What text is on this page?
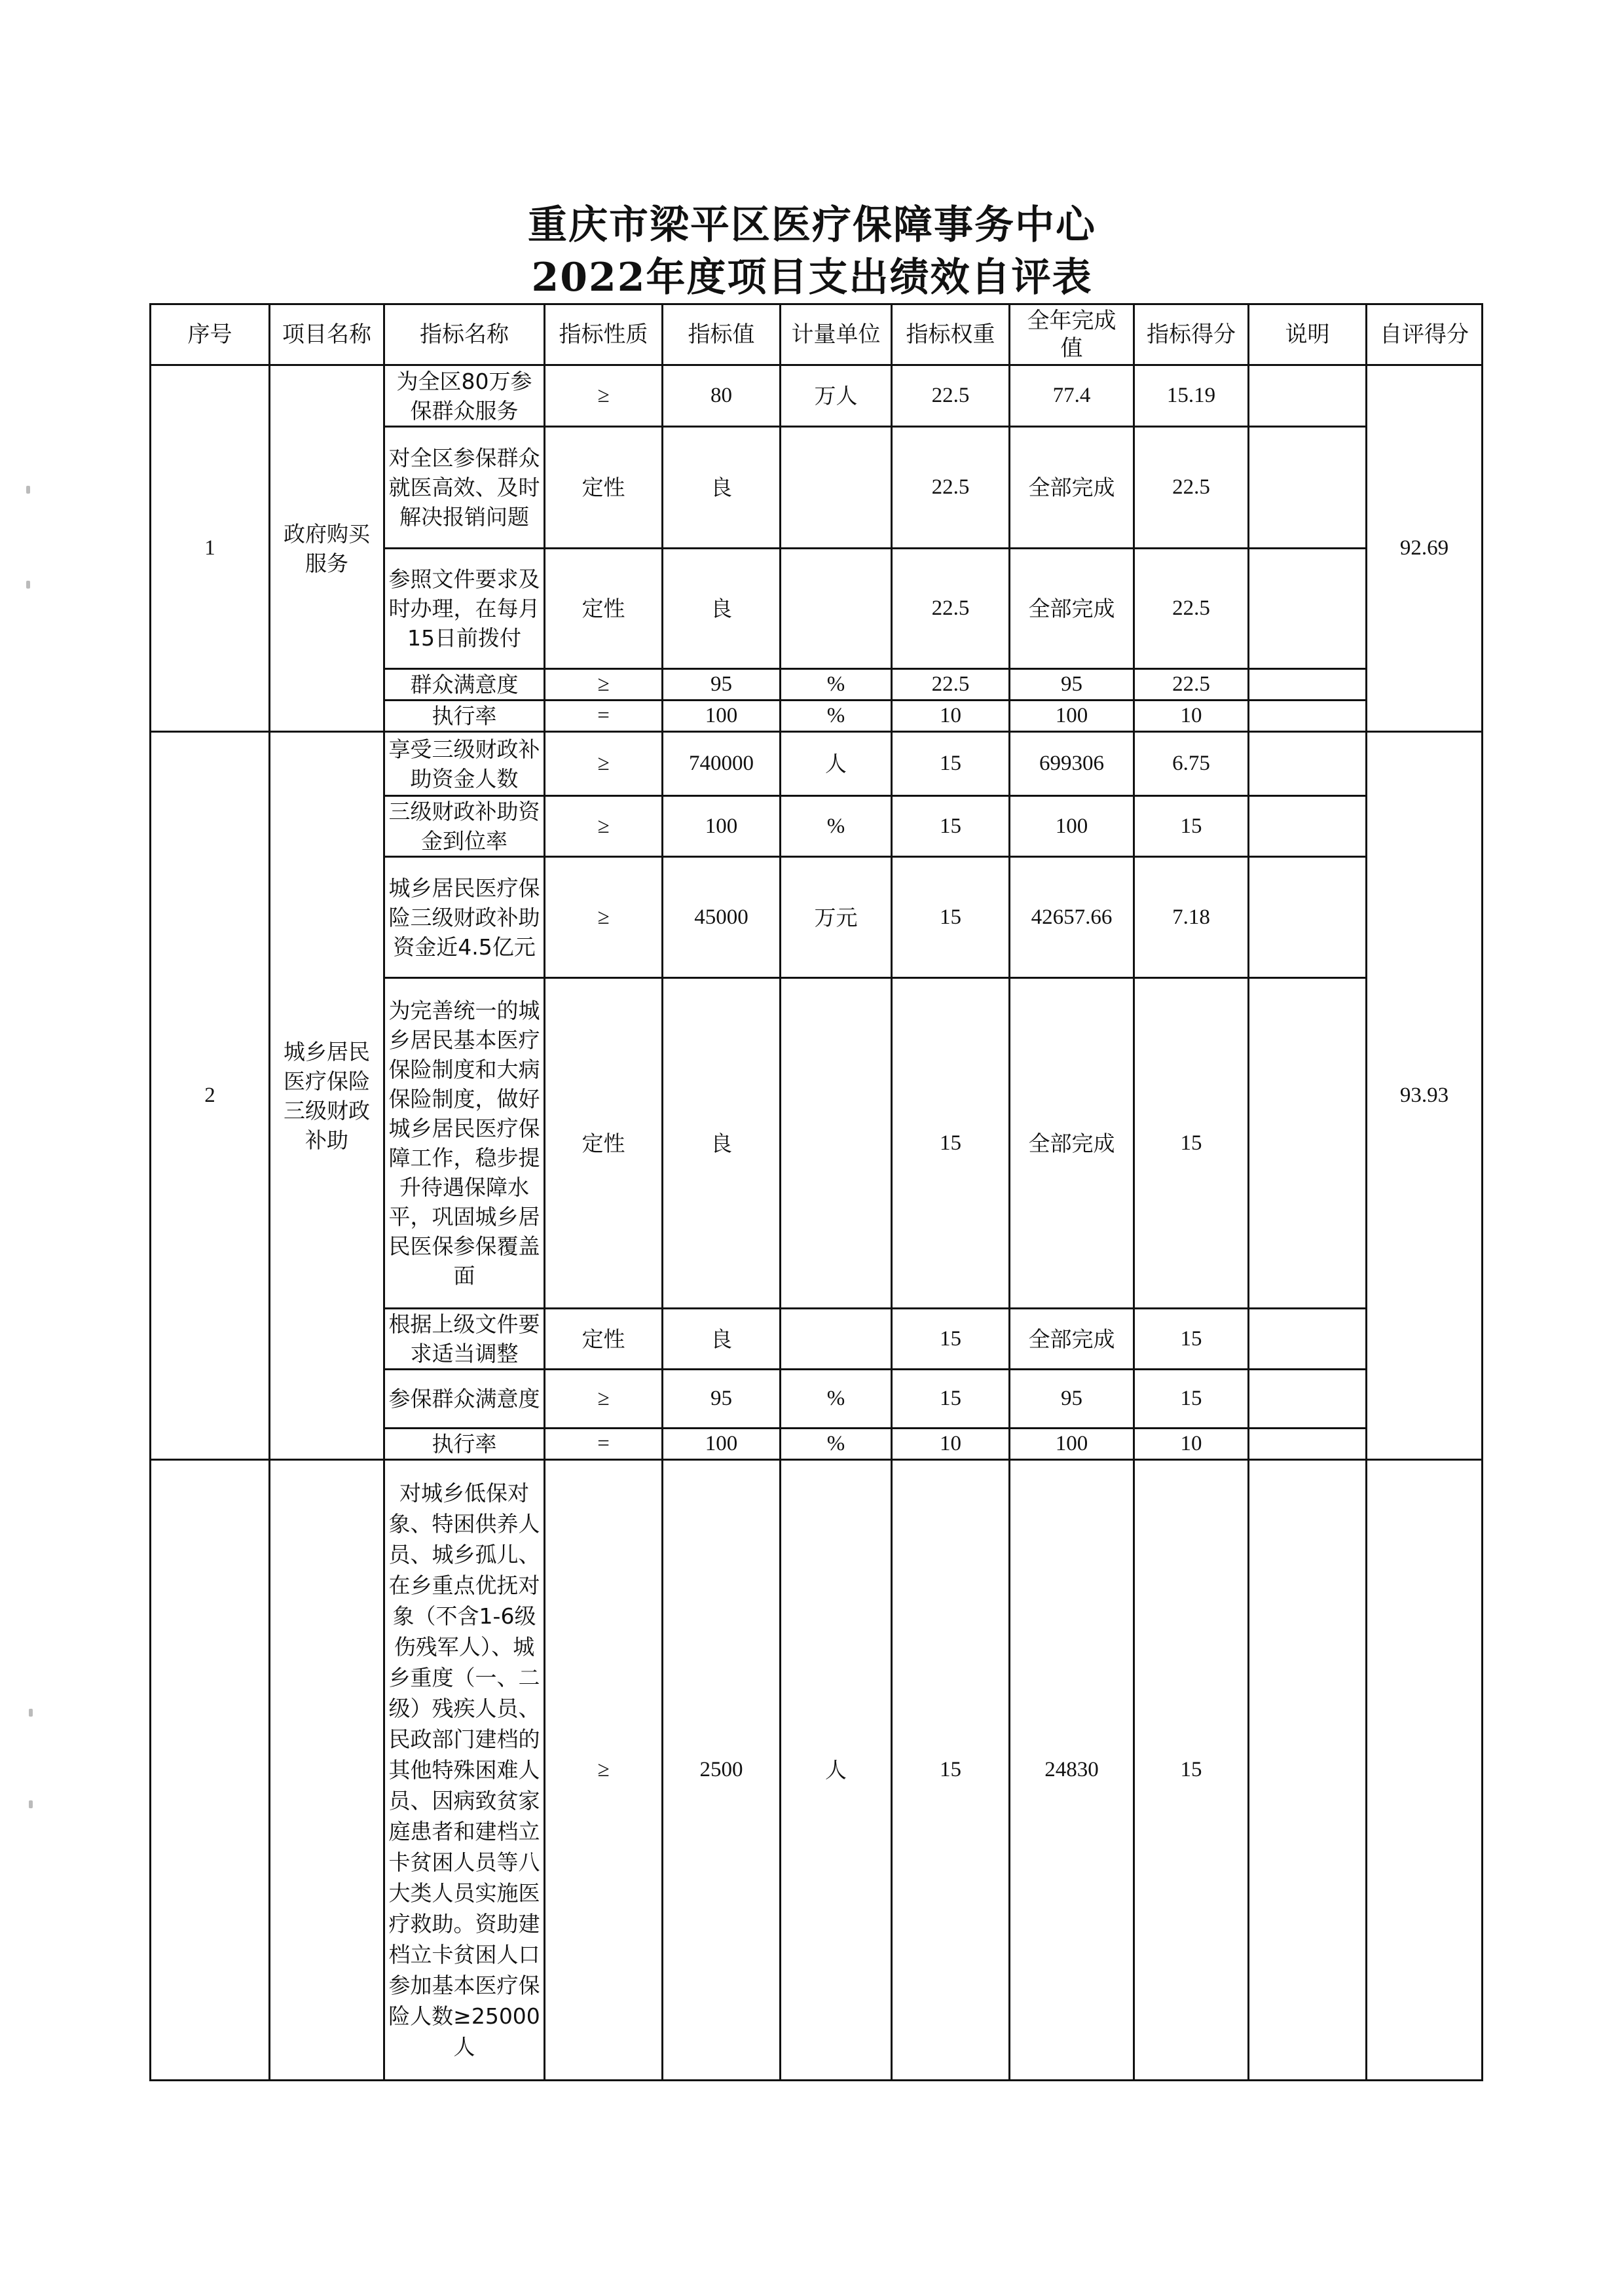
重庆市梁平区医疗保障事务中心
2022年度项目支出绩效自评表
序号	项目名称	指标名称	指标性质	指标值	计量单位	指标权重	全年完成值	指标得分	说明	自评得分
1	政府购买服务	为全区80万参保群众服务	≥	80	万人	22.5	77.4	15.19		92.69
		对全区参保群众就医高效、及时解决报销问题	定性	良		22.5	全部完成	22.5		
		参照文件要求及时办理，在每月15日前拨付	定性	良		22.5	全部完成	22.5		
		群众满意度	≥	95	%	22.5	95	22.5		
		执行率	=	100	%	10	100	10		
2	城乡居民医疗保险三级财政补助	享受三级财政补助资金人数	≥	740000	人	15	699306	6.75		93.93
		三级财政补助资金到位率	≥	100	%	15	100	15		
		城乡居民医疗保险三级财政补助资金近4.5亿元	≥	45000	万元	15	42657.66	7.18		
		为完善统一的城乡居民基本医疗保险制度和大病保险制度，做好城乡居民医疗保障工作，稳步提升待遇保障水平，巩固城乡居民医保参保覆盖面	定性	良		15	全部完成	15		
		根据上级文件要求适当调整	定性	良		15	全部完成	15		
		参保群众满意度	≥	95	%	15	95	15		
		执行率	=	100	%	10	100	10		
		对城乡低保对象、特困供养人员、城乡孤儿、在乡重点优抚对象（不含1-6级伤残军人）、城乡重度（一、二级）残疾人员、民政部门建档的其他特殊困难人员、因病致贫家庭患者和建档立卡贫困人员等八大类人员实施医疗救助。资助建档立卡贫困人口参加基本医疗保险人数≥25000人	≥	2500	人	15	24830	15		
